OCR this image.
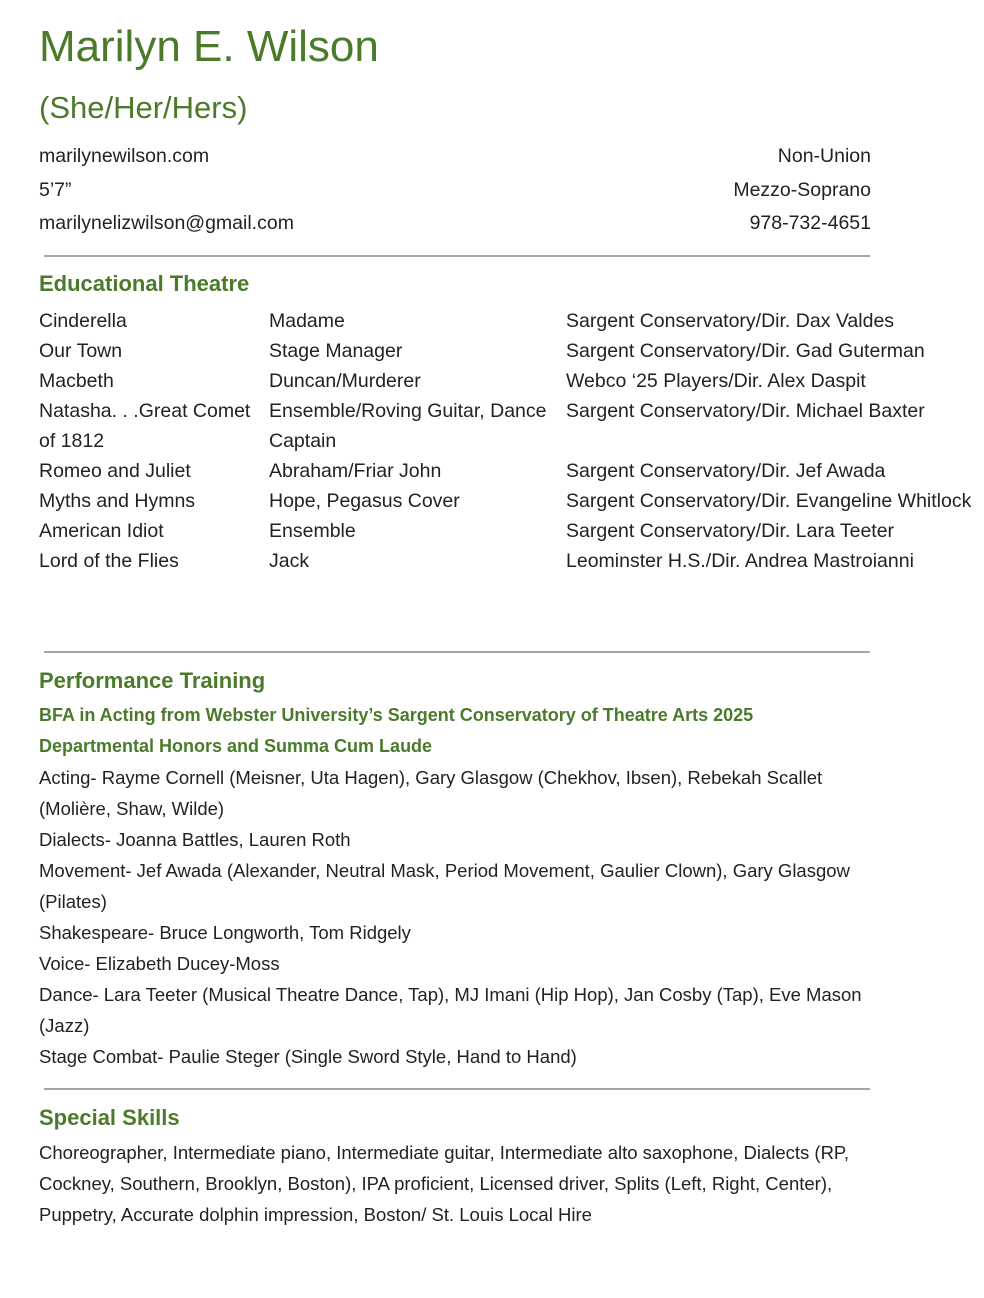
Marilyn E. Wilson
(She/Her/Hers)
marilynewilson.com
5’7”
marilynelizwilson@gmail.com
Non-Union
Mezzo-Soprano
978-732-4651
Educational Theatre
Cinderella	Madame	Sargent Conservatory/Dir. Dax Valdes
Our Town	Stage Manager	Sargent Conservatory/Dir. Gad Guterman
Macbeth	Duncan/Murderer	Webco ‘25 Players/Dir. Alex Daspit
Natasha. . .Great Comet of 1812	Ensemble/Roving Guitar, Dance Captain	Sargent Conservatory/Dir. Michael Baxter
Romeo and Juliet	Abraham/Friar John	Sargent Conservatory/Dir. Jef Awada
Myths and Hymns	Hope, Pegasus Cover	Sargent Conservatory/Dir. Evangeline Whitlock
American Idiot	Ensemble	Sargent Conservatory/Dir. Lara Teeter
Lord of the Flies	Jack	Leominster H.S./Dir. Andrea Mastroianni
Performance Training
BFA in Acting from Webster University’s Sargent Conservatory of Theatre Arts 2025
Departmental Honors and Summa Cum Laude
Acting- Rayme Cornell (Meisner, Uta Hagen), Gary Glasgow (Chekhov, Ibsen), Rebekah Scallet (Molière, Shaw, Wilde)
Dialects- Joanna Battles, Lauren Roth
Movement- Jef Awada (Alexander, Neutral Mask, Period Movement, Gaulier Clown), Gary Glasgow (Pilates)
Shakespeare- Bruce Longworth, Tom Ridgely
Voice- Elizabeth Ducey-Moss
Dance- Lara Teeter (Musical Theatre Dance, Tap), MJ Imani (Hip Hop), Jan Cosby (Tap), Eve Mason (Jazz)
Stage Combat- Paulie Steger (Single Sword Style, Hand to Hand)
Special Skills
Choreographer, Intermediate piano, Intermediate guitar, Intermediate alto saxophone, Dialects (RP, Cockney, Southern, Brooklyn, Boston), IPA proficient, Licensed driver, Splits (Left, Right, Center), Puppetry, Accurate dolphin impression, Boston/ St. Louis Local Hire
